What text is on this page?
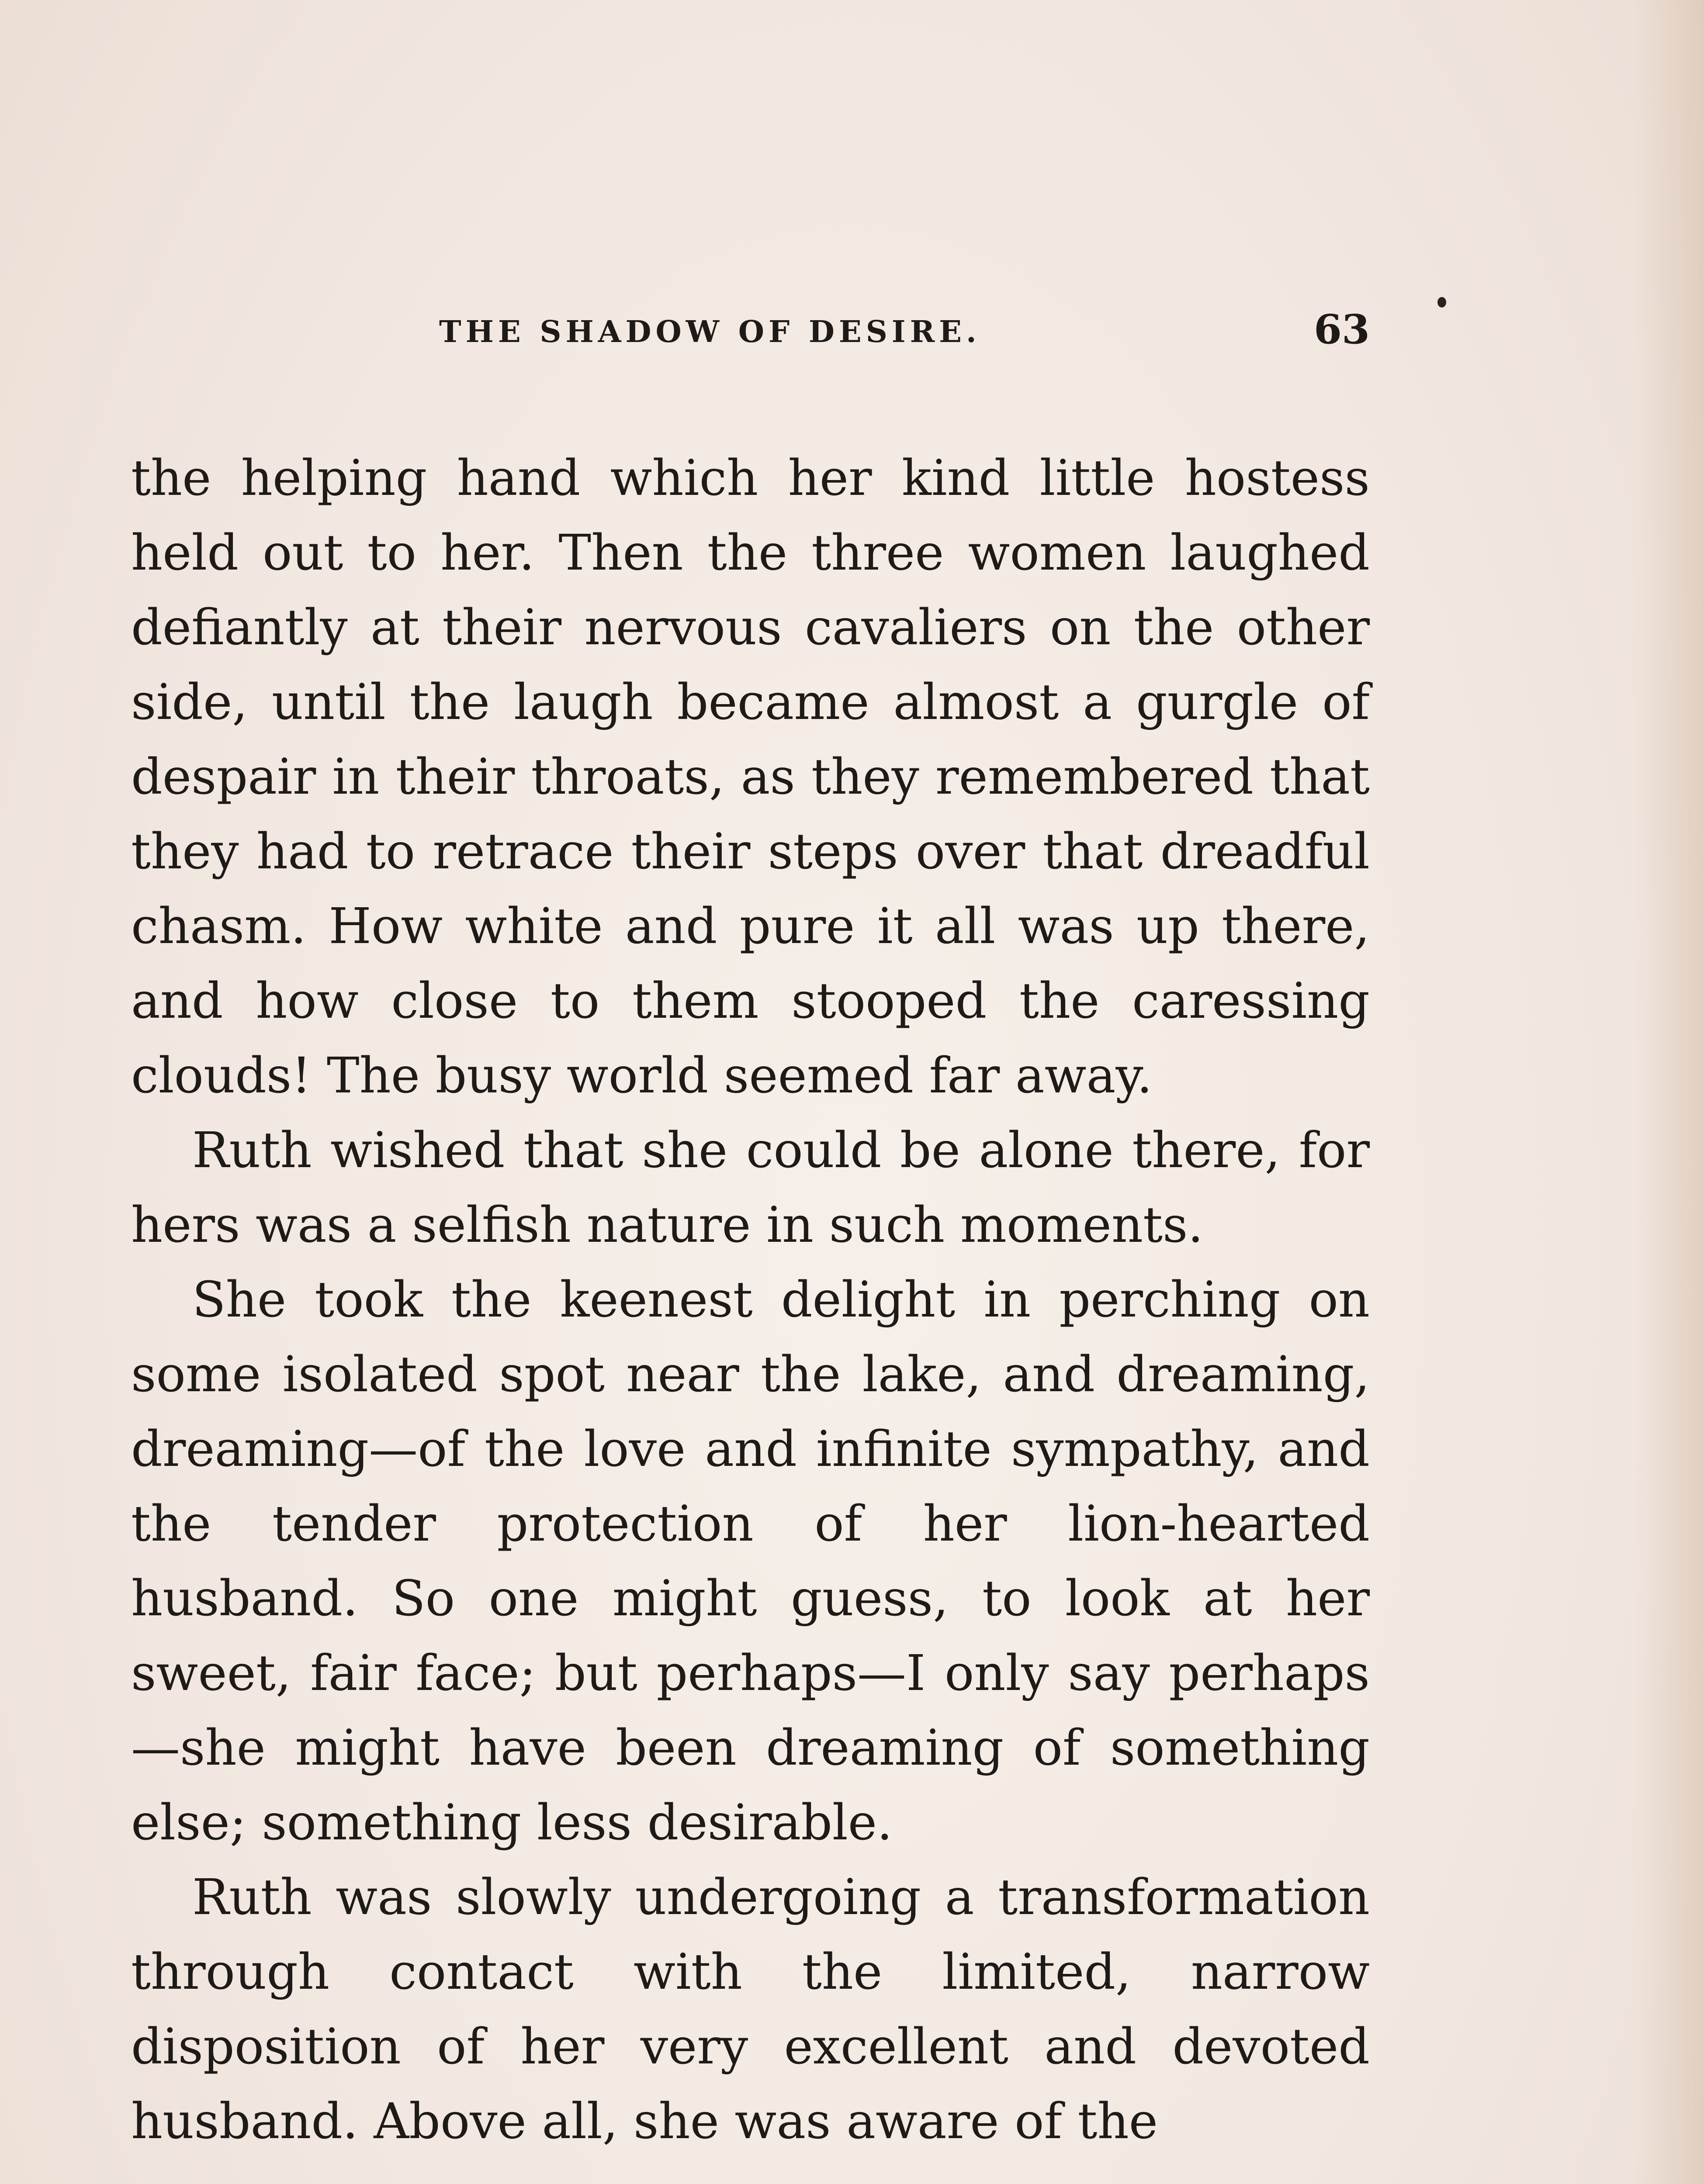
THE SHADOW OF DESIRE.	63

the helping hand which her kind little hostess held out to her. Then the three women laughed defiantly at their nervous cavaliers on the other side, until the laugh became almost a gurgle of despair in their throats, as they remembered that they had to retrace their steps over that dreadful chasm. How white and pure it all was up there, and how close to them stooped the caressing clouds! The busy world seemed far away.

Ruth wished that she could be alone there, for hers was a selfish nature in such moments.

She took the keenest delight in perching on some isolated spot near the lake, and dreaming, dreaming—of the love and infinite sympathy, and the tender protection of her lion-hearted husband. So one might guess, to look at her sweet, fair face; but perhaps—I only say perhaps—she might have been dreaming of something else; something less desirable.

Ruth was slowly undergoing a transformation through contact with the limited, narrow disposition of her very excellent and devoted husband. Above all, she was aware of the
